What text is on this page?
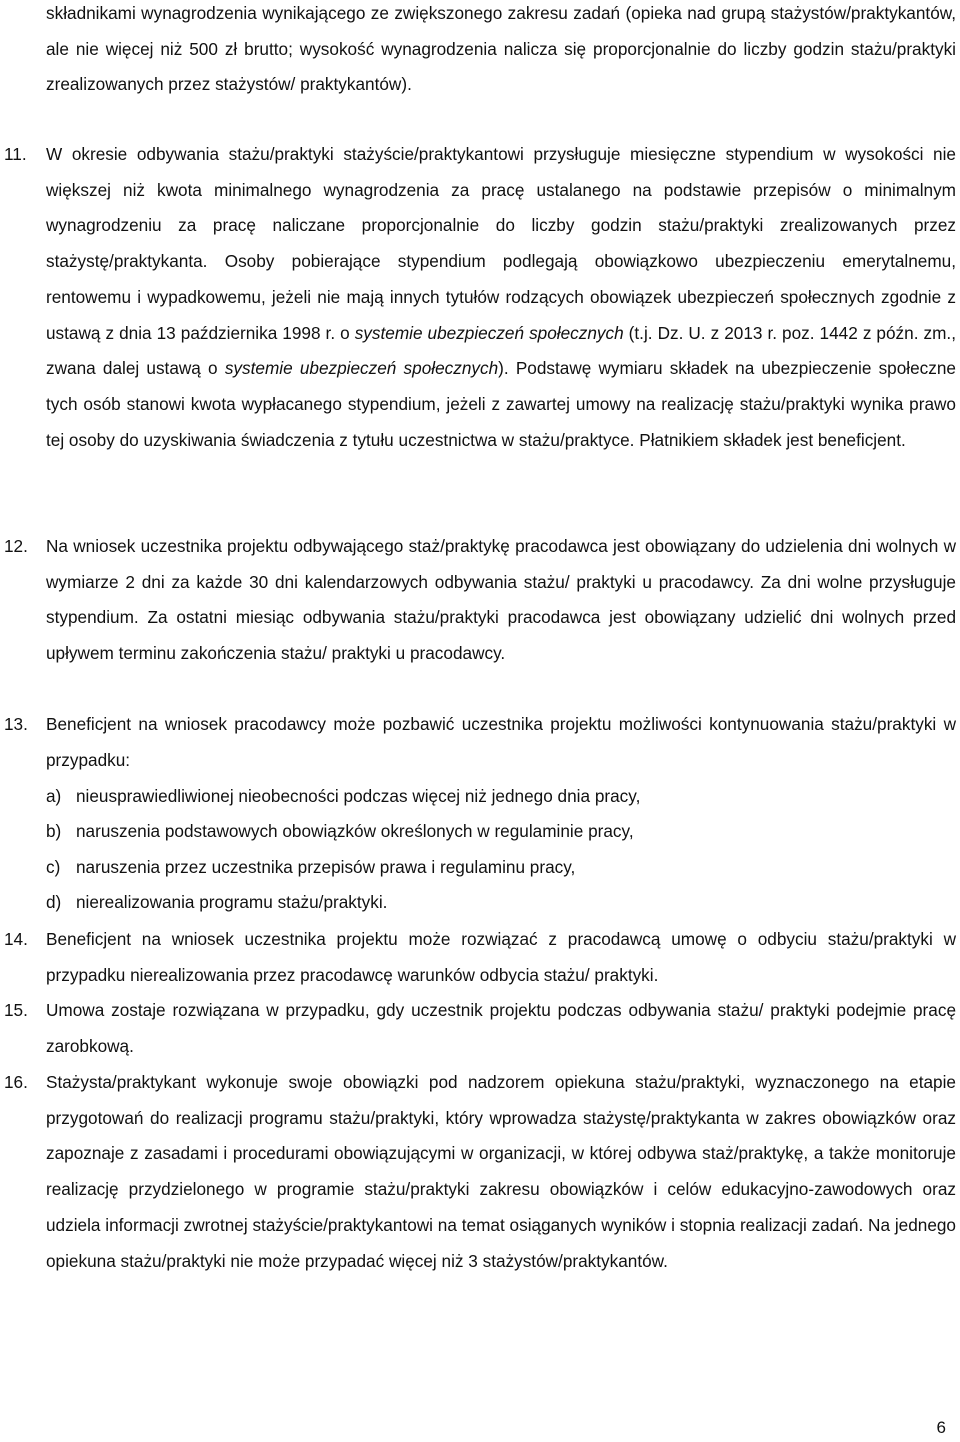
składnikami wynagrodzenia wynikającego ze zwiększonego zakresu zadań (opieka nad grupą stażystów/praktykantów, ale nie więcej niż 500 zł brutto; wysokość wynagrodzenia nalicza się proporcjonalnie do liczby godzin stażu/praktyki zrealizowanych przez stażystów/ praktykantów).

11. W okresie odbywania stażu/praktyki stażyście/praktykantowi przysługuje miesięczne stypendium w wysokości nie większej niż kwota minimalnego wynagrodzenia za pracę ustalanego na podstawie przepisów o minimalnym wynagrodzeniu za pracę naliczane proporcjonalnie do liczby godzin stażu/praktyki zrealizowanych przez stażystę/praktykanta. Osoby pobierające stypendium podlegają obowiązkowo ubezpieczeniu emerytalnemu, rentowemu i wypadkowemu, jeżeli nie mają innych tytułów rodzących obowiązek ubezpieczeń społecznych zgodnie z ustawą z dnia 13 października 1998 r. o systemie ubezpieczeń społecznych (t.j. Dz. U. z 2013 r. poz. 1442 z późn. zm., zwana dalej ustawą o systemie ubezpieczeń społecznych). Podstawę wymiaru składek na ubezpieczenie społeczne tych osób stanowi kwota wypłacanego stypendium, jeżeli z zawartej umowy na realizację stażu/praktyki wynika prawo tej osoby do uzyskiwania świadczenia z tytułu uczestnictwa w stażu/praktyce. Płatnikiem składek jest beneficjent.

12. Na wniosek uczestnika projektu odbywającego staż/praktykę pracodawca jest obowiązany do udzielenia dni wolnych w wymiarze 2 dni za każde 30 dni kalendarzowych odbywania stażu/ praktyki u pracodawcy. Za dni wolne przysługuje stypendium. Za ostatni miesiąc odbywania stażu/praktyki pracodawca jest obowiązany udzielić dni wolnych przed upływem terminu zakończenia stażu/ praktyki u pracodawcy.

13. Beneficjent na wniosek pracodawcy może pozbawić uczestnika projektu możliwości kontynuowania stażu/praktyki w przypadku:

a) nieusprawiedliwionej nieobecności podczas więcej niż jednego dnia pracy,
b) naruszenia podstawowych obowiązków określonych w regulaminie pracy,
c) naruszenia przez uczestnika przepisów prawa i regulaminu pracy,
d) nierealizowania programu stażu/praktyki.
14. Beneficjent na wniosek uczestnika projektu może rozwiązać z pracodawcą umowę o odbyciu stażu/praktyki w przypadku nierealizowania przez pracodawcę warunków odbycia stażu/ praktyki.

15. Umowa zostaje rozwiązana w przypadku, gdy uczestnik projektu podczas odbywania stażu/ praktyki podejmie pracę zarobkową.

16. Stażysta/praktykant wykonuje swoje obowiązki pod nadzorem opiekuna stażu/praktyki, wyznaczonego na etapie przygotowań do realizacji programu stażu/praktyki, który wprowadza stażystę/praktykanta w zakres obowiązków oraz zapoznaje z zasadami i procedurami obowiązującymi w organizacji, w której odbywa staż/praktykę, a także monitoruje realizację przydzielonego w programie stażu/praktyki zakresu obowiązków i celów edukacyjno-zawodowych oraz udziela informacji zwrotnej stażyście/praktykantowi na temat osiąganych wyników i stopnia realizacji zadań. Na jednego opiekuna stażu/praktyki nie może przypadać więcej niż 3 stażystów/praktykantów.

6
